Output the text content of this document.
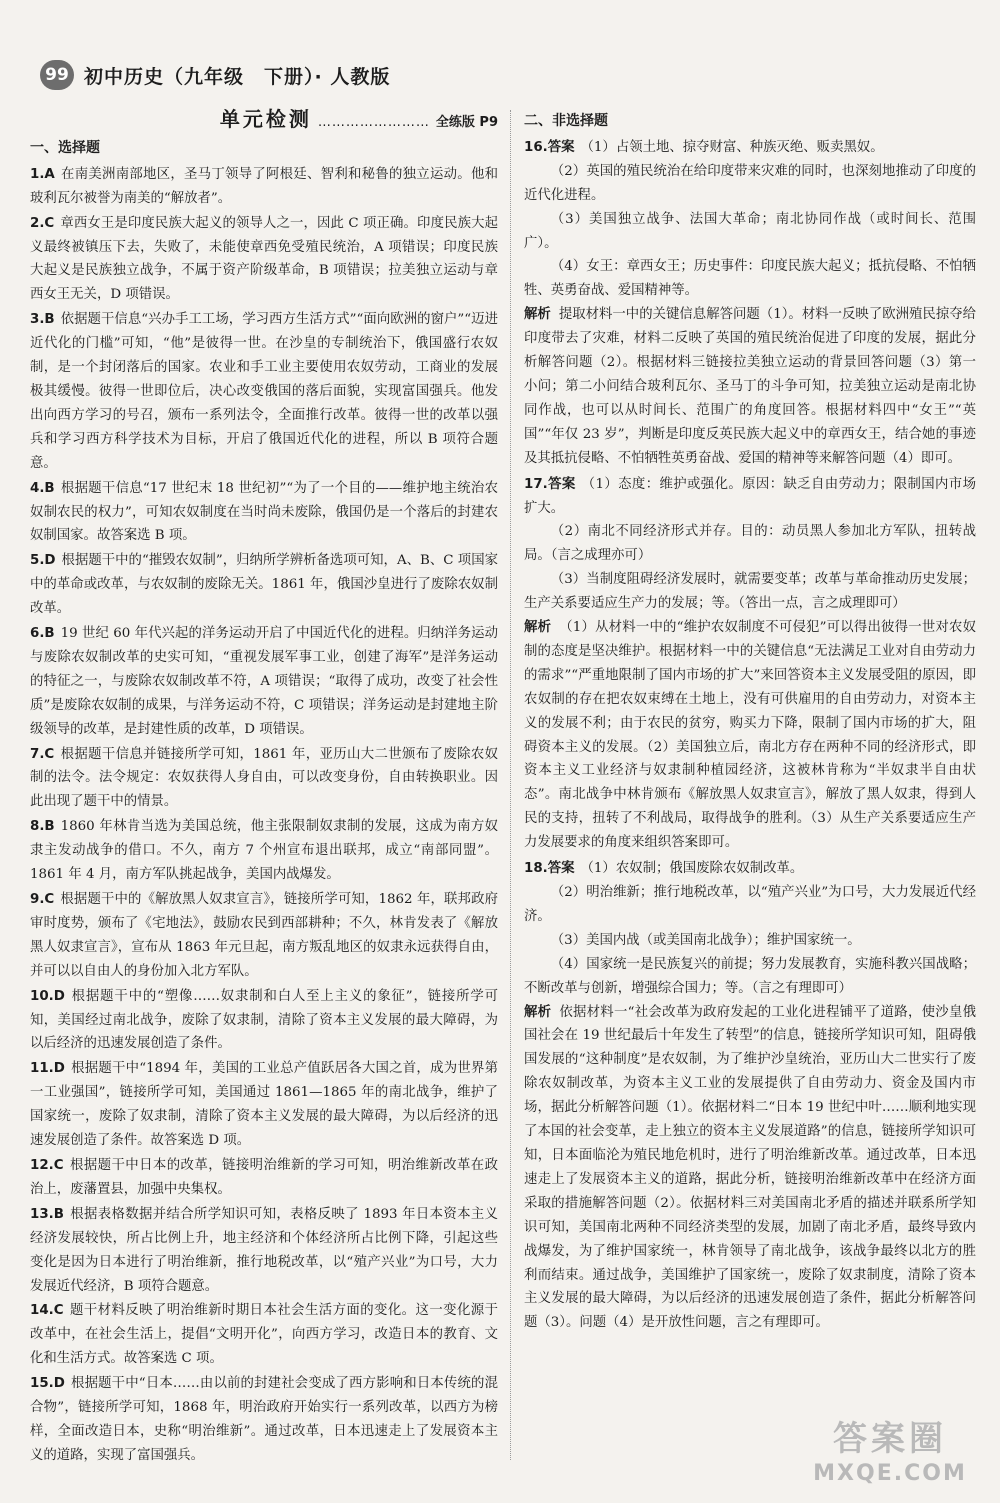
99 初中历史（九年级　下册）· 人教版
单元检测 …………………… 全练版 P9
一、选择题

1.A 在南美洲南部地区，圣马丁领导了阿根廷、智利和秘鲁的独立运动。他和玻利瓦尔被誉为南美的“解放者”。

2.C 章西女王是印度民族大起义的领导人之一，因此 C 项正确。印度民族大起义最终被镇压下去，失败了，未能使章西免受殖民统治，A 项错误；印度民族大起义是民族独立战争，不属于资产阶级革命，B 项错误；拉美独立运动与章西女王无关，D 项错误。

3.B 依据题干信息“兴办手工工场，学习西方生活方式”“面向欧洲的窗户”“迈进近代化的门槛”可知，“他”是彼得一世。在沙皇的专制统治下，俄国盛行农奴制，是一个封闭落后的国家。农业和手工业主要使用农奴劳动，工商业的发展极其缓慢。彼得一世即位后，决心改变俄国的落后面貌，实现富国强兵。他发出向西方学习的号召，颁布一系列法令，全面推行改革。彼得一世的改革以强兵和学习西方科学技术为目标，开启了俄国近代化的进程，所以 B 项符合题意。

4.B 根据题干信息“17 世纪末 18 世纪初”“为了一个目的——维护地主统治农奴制农民的权力”，可知农奴制度在当时尚未废除，俄国仍是一个落后的封建农奴制国家。故答案选 B 项。

5.D 根据题干中的“摧毁农奴制”，归纳所学辨析备选项可知，A、B、C 项国家中的革命或改革，与农奴制的废除无关。1861 年，俄国沙皇进行了废除农奴制改革。

6.B 19 世纪 60 年代兴起的洋务运动开启了中国近代化的进程。归纳洋务运动与废除农奴制改革的史实可知，“重视发展军事工业，创建了海军”是洋务运动的特征之一，与废除农奴制改革不符，A 项错误；“取得了成功，改变了社会性质”是废除农奴制的成果，与洋务运动不符，C 项错误；洋务运动是封建地主阶级领导的改革，是封建性质的改革，D 项错误。

7.C 根据题干信息并链接所学可知，1861 年，亚历山大二世颁布了废除农奴制的法令。法令规定：农奴获得人身自由，可以改变身份，自由转换职业。因此出现了题干中的情景。

8.B 1860 年林肯当选为美国总统，他主张限制奴隶制的发展，这成为南方奴隶主发动战争的借口。不久，南方 7 个州宣布退出联邦，成立“南部同盟”。1861 年 4 月，南方军队挑起战争，美国内战爆发。

9.C 根据题干中的《解放黑人奴隶宣言》，链接所学可知，1862 年，联邦政府审时度势，颁布了《宅地法》，鼓励农民到西部耕种；不久，林肯发表了《解放黑人奴隶宣言》，宣布从 1863 年元旦起，南方叛乱地区的奴隶永远获得自由，并可以以自由人的身份加入北方军队。

10.D 根据题干中的“塑像……奴隶制和白人至上主义的象征”，链接所学可知，美国经过南北战争，废除了奴隶制，清除了资本主义发展的最大障碍，为以后经济的迅速发展创造了条件。

11.D 根据题干中“1894 年，美国的工业总产值跃居各大国之首，成为世界第一工业强国”，链接所学可知，美国通过 1861—1865 年的南北战争，维护了国家统一，废除了奴隶制，清除了资本主义发展的最大障碍，为以后经济的迅速发展创造了条件。故答案选 D 项。

12.C 根据题干中日本的改革，链接明治维新的学习可知，明治维新改革在政治上，废藩置县，加强中央集权。

13.B 根据表格数据并结合所学知识可知，表格反映了 1893 年日本资本主义经济发展较快，所占比例上升，地主经济和个体经济所占比例下降，引起这些变化是因为日本进行了明治维新，推行地税改革，以“殖产兴业”为口号，大力发展近代经济，B 项符合题意。

14.C 题干材料反映了明治维新时期日本社会生活方面的变化。这一变化源于改革中，在社会生活上，提倡“文明开化”，向西方学习，改造日本的教育、文化和生活方式。故答案选 C 项。

15.D 根据题干中“日本……由以前的封建社会变成了西方影响和日本传统的混合物”，链接所学可知，1868 年，明治政府开始实行一系列改革，以西方为榜样，全面改造日本，史称“明治维新”。通过改革，日本迅速走上了发展资本主义的道路，实现了富国强兵。

二、非选择题

16.答案 （1）占领土地、掠夺财富、种族灭绝、贩卖黑奴。

（2）英国的殖民统治在给印度带来灾难的同时，也深刻地推动了印度的近代化进程。

（3）美国独立战争、法国大革命；南北协同作战（或时间长、范围广）。

（4）女王：章西女王；历史事件：印度民族大起义；抵抗侵略、不怕牺牲、英勇奋战、爱国精神等。

解析 提取材料一中的关键信息解答问题（1）。材料一反映了欧洲殖民掠夺给印度带去了灾难，材料二反映了英国的殖民统治促进了印度的发展，据此分析解答问题（2）。根据材料三链接拉美独立运动的背景回答问题（3）第一小问；第二小问结合玻利瓦尔、圣马丁的斗争可知，拉美独立运动是南北协同作战，也可以从时间长、范围广的角度回答。根据材料四中“女王”“英国”“年仅 23 岁”，判断是印度反英民族大起义中的章西女王，结合她的事迹及其抵抗侵略、不怕牺牲英勇奋战、爱国的精神等来解答问题（4）即可。

17.答案 （1）态度：维护或强化。原因：缺乏自由劳动力；限制国内市场扩大。

（2）南北不同经济形式并存。目的：动员黑人参加北方军队，扭转战局。（言之成理亦可）

（3）当制度阻碍经济发展时，就需要变革；改革与革命推动历史发展；生产关系要适应生产力的发展；等。（答出一点，言之成理即可）

解析 （1）从材料一中的“维护农奴制度不可侵犯”可以得出彼得一世对农奴制的态度是坚决维护。根据材料一中的关键信息“无法满足工业对自由劳动力的需求”“严重地限制了国内市场的扩大”来回答资本主义发展受阻的原因，即农奴制的存在把农奴束缚在土地上，没有可供雇用的自由劳动力，对资本主义的发展不利；由于农民的贫穷，购买力下降，限制了国内市场的扩大，阻碍资本主义的发展。（2）美国独立后，南北方存在两种不同的经济形式，即资本主义工业经济与奴隶制种植园经济，这被林肯称为“半奴隶半自由状态”。南北战争中林肯颁布《解放黑人奴隶宣言》，解放了黑人奴隶，得到人民的支持，扭转了不利战局，取得战争的胜利。（3）从生产关系要适应生产力发展要求的角度来组织答案即可。

18.答案 （1）农奴制；俄国废除农奴制改革。

（2）明治维新；推行地税改革，以“殖产兴业”为口号，大力发展近代经济。

（3）美国内战（或美国南北战争）；维护国家统一。

（4）国家统一是民族复兴的前提；努力发展教育，实施科教兴国战略；不断改革与创新，增强综合国力；等。（言之有理即可）

解析 依据材料一“社会改革为政府发起的工业化进程铺平了道路，使沙皇俄国社会在 19 世纪最后十年发生了转型”的信息，链接所学知识可知，阻碍俄国发展的“这种制度”是农奴制，为了维护沙皇统治，亚历山大二世实行了废除农奴制改革，为资本主义工业的发展提供了自由劳动力、资金及国内市场，据此分析解答问题（1）。依据材料二“日本 19 世纪中叶……顺利地实现了本国的社会变革，走上独立的资本主义发展道路”的信息，链接所学知识可知，日本面临沦为殖民地危机时，进行了明治维新改革。通过改革，日本迅速走上了发展资本主义的道路，据此分析，链接明治维新改革中在经济方面采取的措施解答问题（2）。依据材料三对美国南北矛盾的描述并联系所学知识可知，美国南北两种不同经济类型的发展，加剧了南北矛盾，最终导致内战爆发，为了维护国家统一，林肯领导了南北战争，该战争最终以北方的胜利而结束。通过战争，美国维护了国家统一，废除了奴隶制度，清除了资本主义发展的最大障碍，为以后经济的迅速发展创造了条件，据此分析解答问题（3）。问题（4）是开放性问题，言之有理即可。

答案圈
MXQE.COM
